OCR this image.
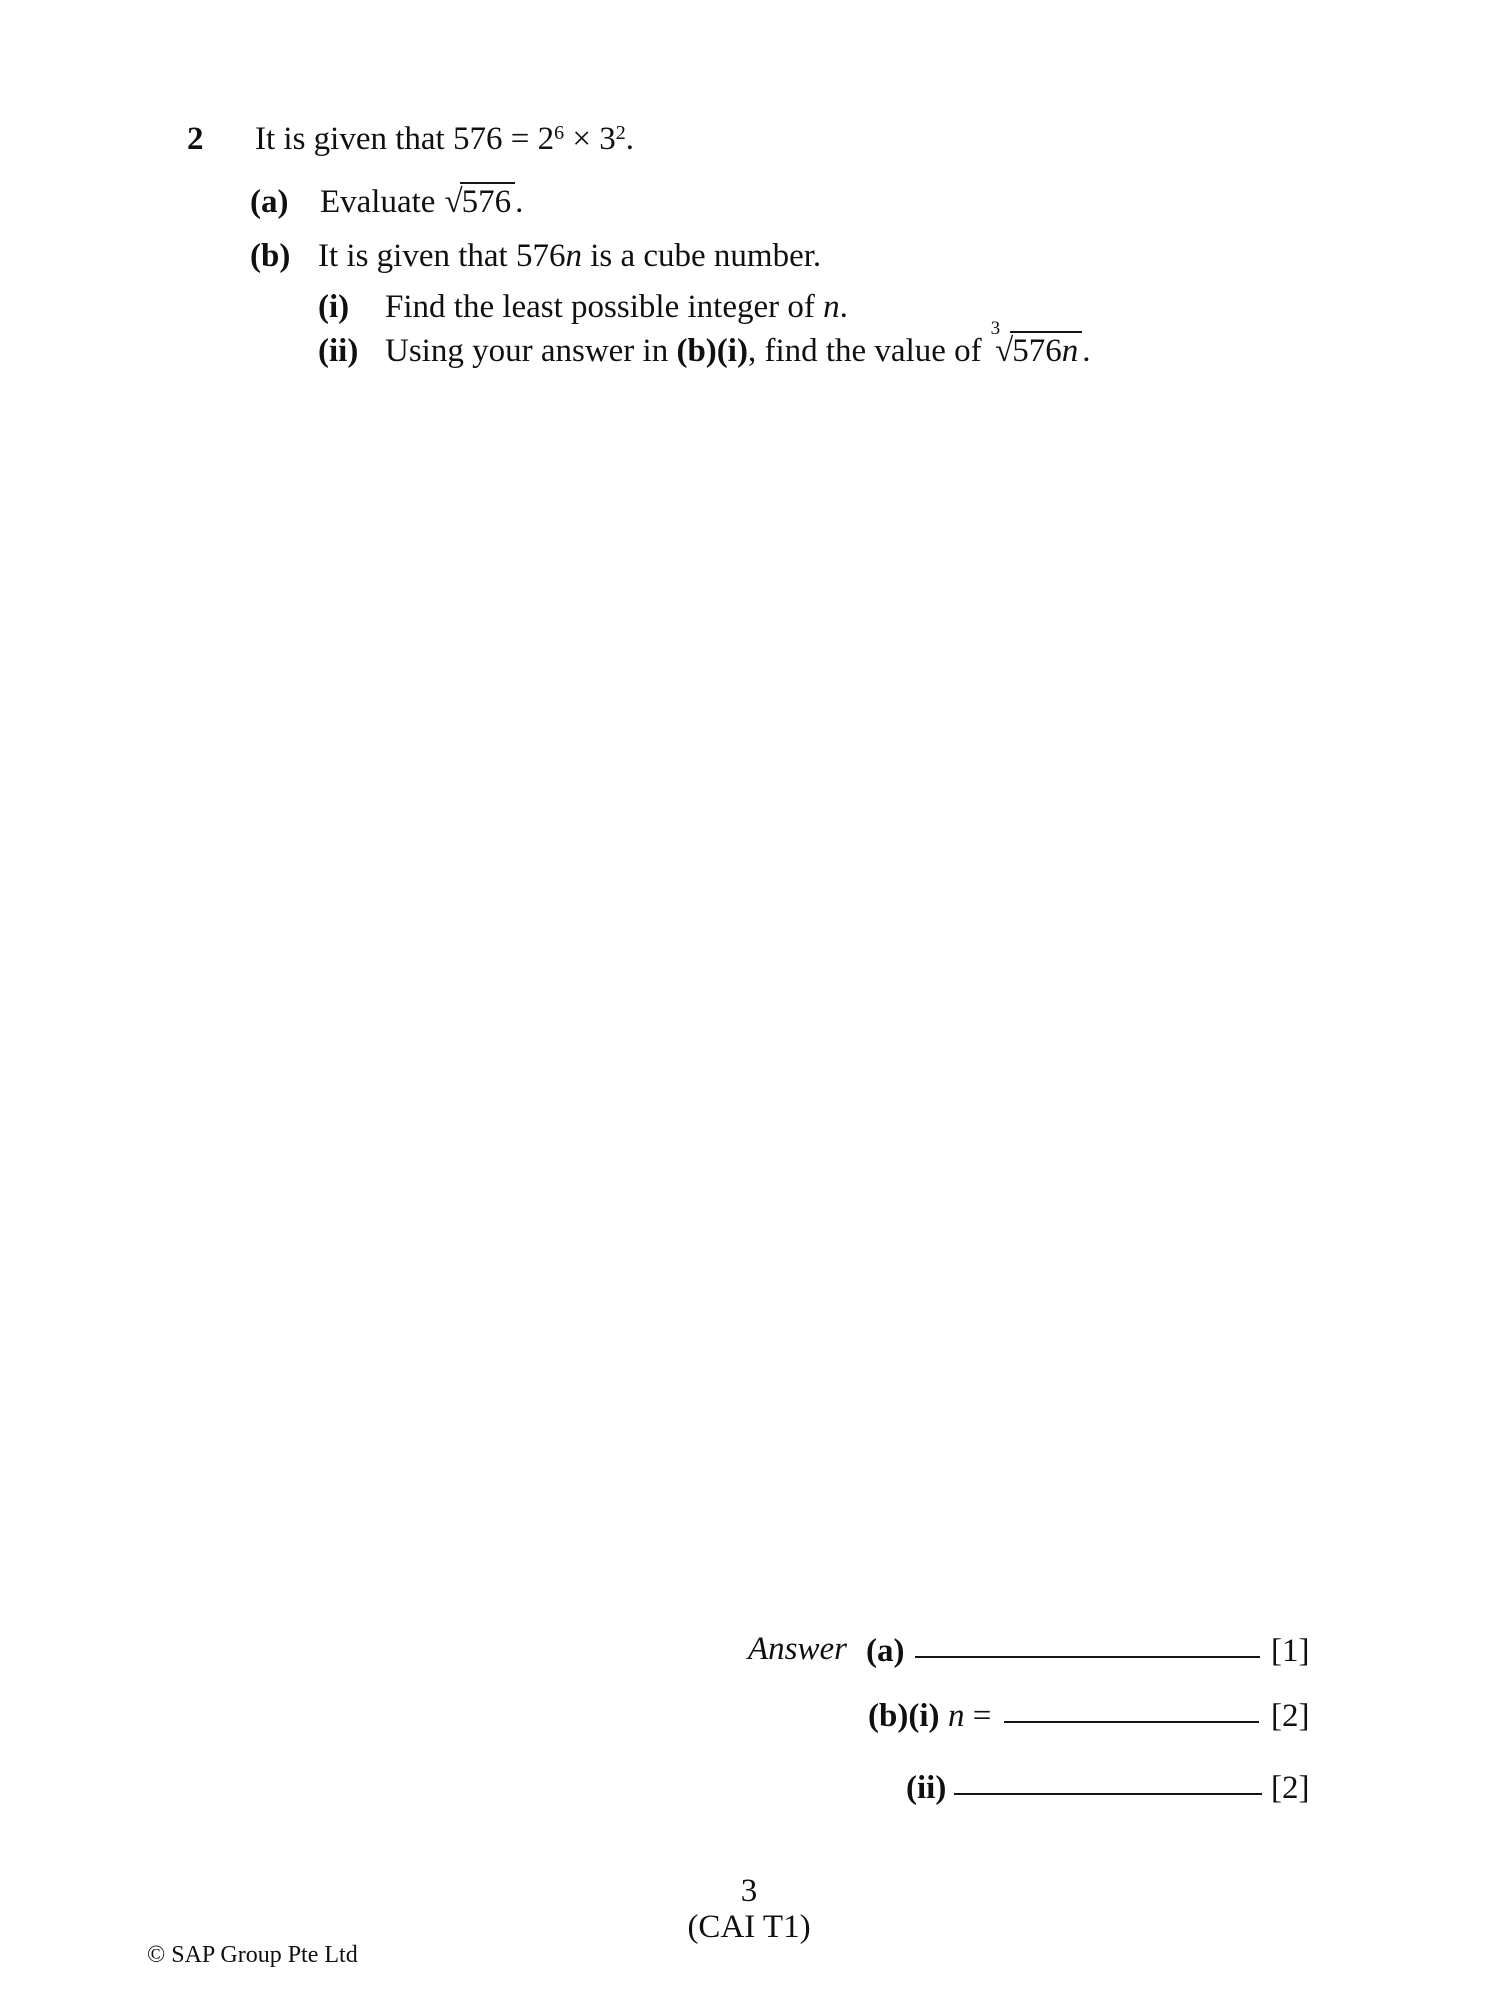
2 It is given that $576 = 2^6 \times 3^2$.
(a) Evaluate √576 .
(b) It is given that 576n is a cube number.
(i) Find the least possible integer of n.
(ii) Using your answer in (b)(i), find the value $of^3√576n$ .
Answer (a)	[1]
(b)(i) n =	[2]
(ii)	[2]
3
(CAI T1)
© SAP Group Pte Ltd
